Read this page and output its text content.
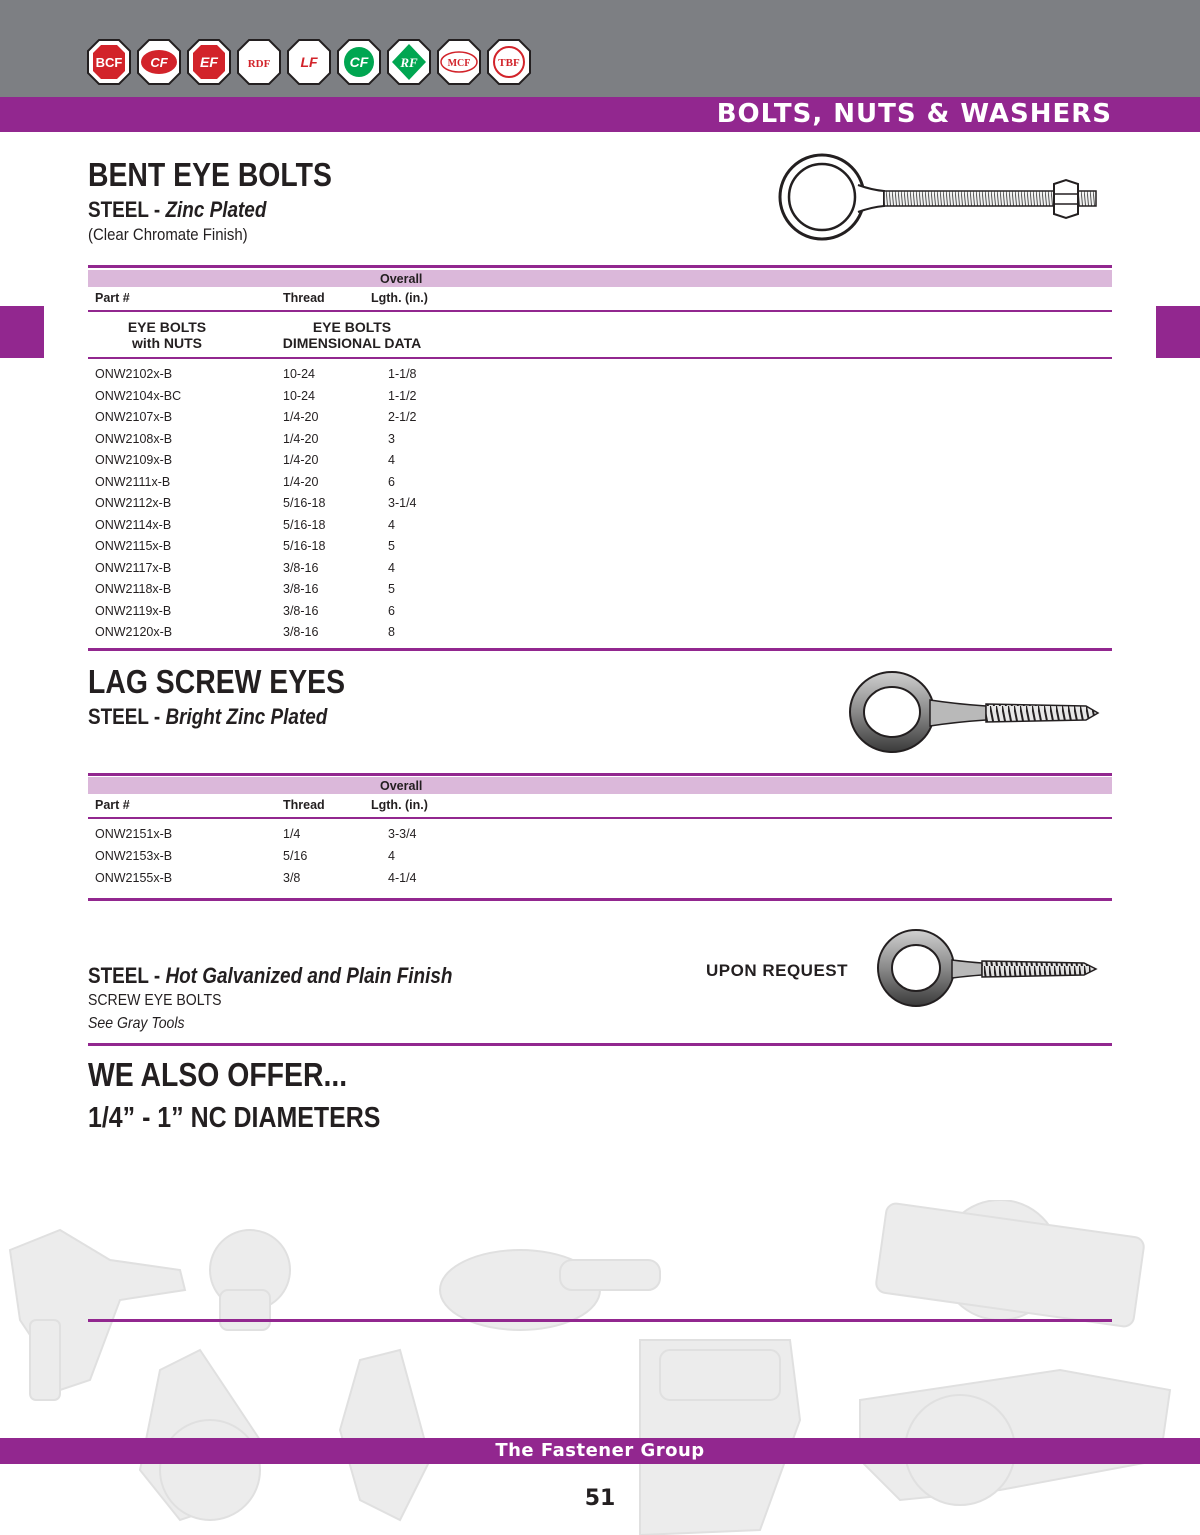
BCF CF EF	RDF LF CF RF	MCF	TBF
BOLTS, NUTS & WASHERS
BENT EYE BOLTS
STEEL - Zinc Plated
(Clear Chromate Finish)
Overall
Part #	Thread	Lgth. (in.)
EYE BOLTS
with NUTS
EYE BOLTS
DIMENSIONAL DATA
ONW2102x-B	10-24	1-1/8
ONW2104x-BC	10-24	1-1/2
ONW2107x-B	1/4-20	2-1/2
ONW2108x-B	1/4-20	3
ONW2109x-B	1/4-20	4
ONW2111x-B	1/4-20	6
ONW2112x-B	5/16-18	3-1/4
ONW2114x-B	5/16-18	4
ONW2115x-B	5/16-18	5
ONW2117x-B	3/8-16	4
ONW2118x-B	3/8-16	5
ONW2119x-B	3/8-16	6
ONW2120x-B	3/8-16	8
LAG SCREW EYES
STEEL - Bright Zinc Plated
Overall
Part #	Thread	Lgth. (in.)
ONW2151x-B	1/4	3-3/4
ONW2153x-B	5/16	4
ONW2155x-B	3/8	4-1/4
STEEL - Hot Galvanized and Plain Finish
SCREW EYE BOLTS
See Gray Tools
UPON REQUEST
WE ALSO OFFER...
1/4” - 1” NC DIAMETERS
The Fastener Group
51
